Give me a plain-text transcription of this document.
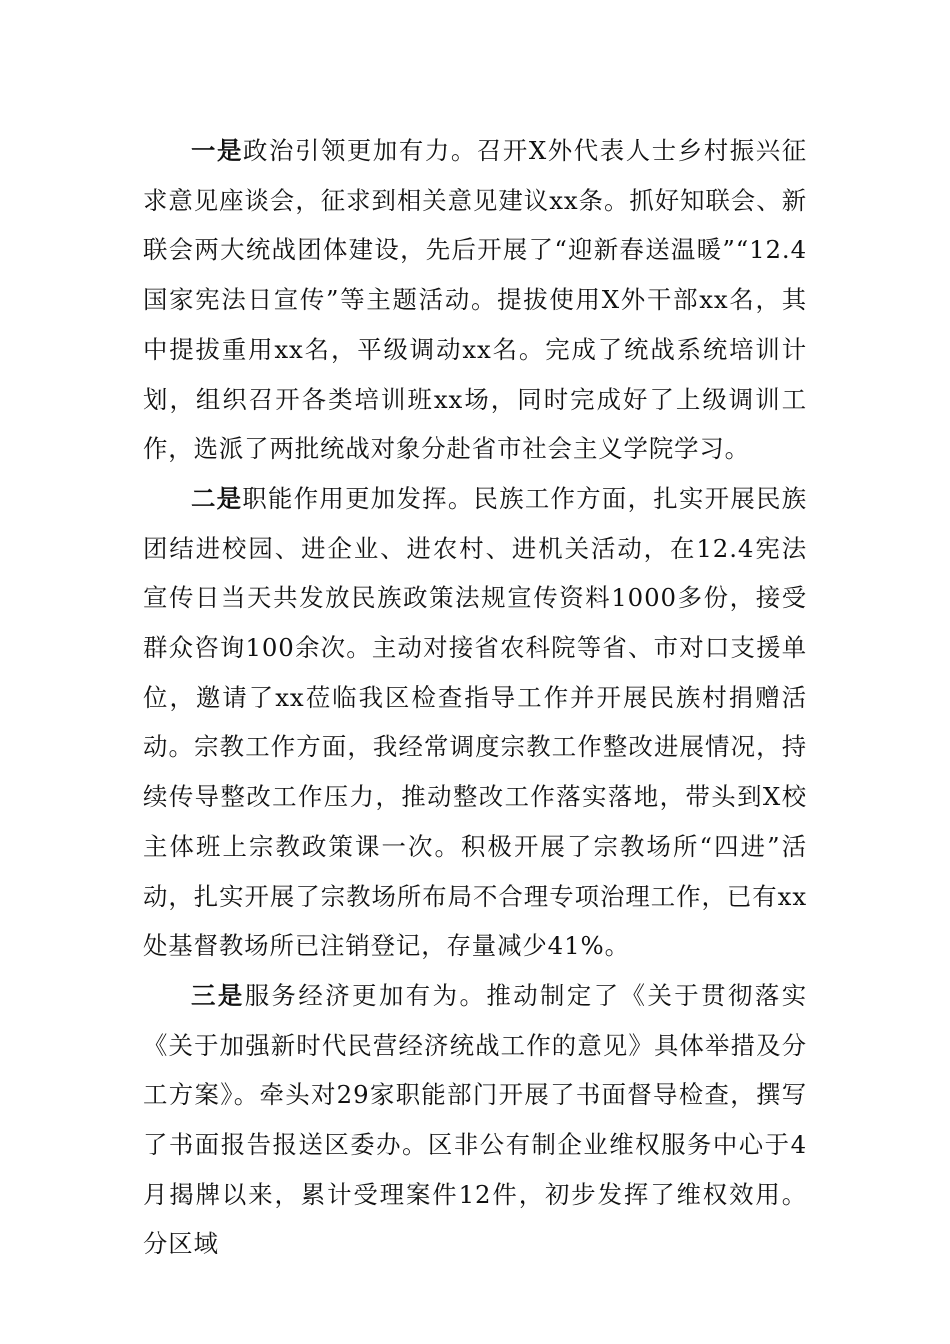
一是政治引领更加有力。召开X外代表人士乡村振兴征求意见座谈会，征求到相关意见建议xx条。抓好知联会、新联会两大统战团体建设，先后开展了“迎新春送温暖”“12.4国家宪法日宣传”等主题活动。提拔使用X外干部xx名，其中提拔重用xx名，平级调动xx名。完成了统战系统培训计划，组织召开各类培训班xx场，同时完成好了上级调训工作，选派了两批统战对象分赴省市社会主义学院学习。

二是职能作用更加发挥。民族工作方面，扎实开展民族团结进校园、进企业、进农村、进机关活动，在12.4宪法宣传日当天共发放民族政策法规宣传资料1000多份，接受群众咨询100余次。主动对接省农科院等省、市对口支援单位，邀请了xx莅临我区检查指导工作并开展民族村捐赠活动。宗教工作方面，我经常调度宗教工作整改进展情况，持续传导整改工作压力，推动整改工作落实落地，带头到X校主体班上宗教政策课一次。积极开展了宗教场所“四进”活动，扎实开展了宗教场所布局不合理专项治理工作，已有xx处基督教场所已注销登记，存量减少41%。

三是服务经济更加有为。推动制定了《关于贯彻落实《关于加强新时代民营经济统战工作的意见》具体举措及分工方案》。牵头对29家职能部门开展了书面督导检查，撰写了书面报告报送区委办。区非公有制企业维权服务中心于4月揭牌以来，累计受理案件12件，初步发挥了维权效用。分区域
